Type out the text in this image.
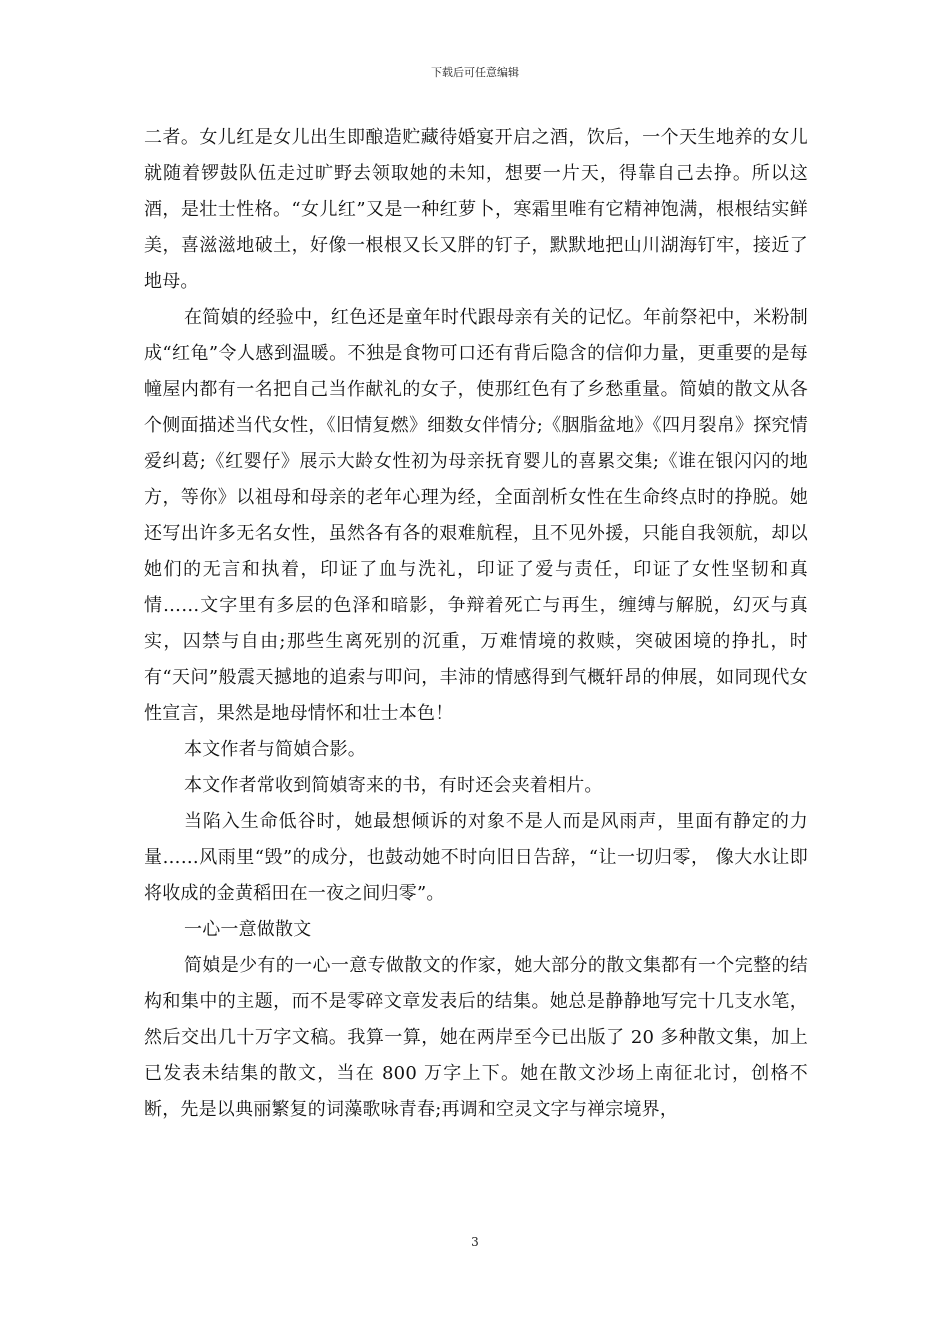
下载后可任意编辑

二者。女儿红是女儿出生即酿造贮藏待婚宴开启之酒，饮后，一个天生地养的女儿就随着锣鼓队伍走过旷野去领取她的未知，想要一片天，得靠自己去挣。所以这酒，是壮士性格。“女儿红”又是一种红萝卜，寒霜里唯有它精神饱满，根根结实鲜美，喜滋滋地破土，好像一根根又长又胖的钉子，默默地把山川湖海钉牢，接近了地母。

在简媜的经验中，红色还是童年时代跟母亲有关的记忆。年前祭祀中，米粉制成“红龟”令人感到温暖。不独是食物可口还有背后隐含的信仰力量，更重要的是每幢屋内都有一名把自己当作献礼的女子，使那红色有了乡愁重量。简媜的散文从各个侧面描述当代女性，《旧情复燃》细数女伴情分;《胭脂盆地》《四月裂帛》探究情爱纠葛;《红婴仔》展示大龄女性初为母亲抚育婴儿的喜累交集;《谁在银闪闪的地方，等你》以祖母和母亲的老年心理为经，全面剖析女性在生命终点时的挣脱。她还写出许多无名女性，虽然各有各的艰难航程，且不见外援，只能自我领航，却以她们的无言和执着，印证了血与洗礼，印证了爱与责任，印证了女性坚韧和真情……文字里有多层的色泽和暗影，争辩着死亡与再生，缠缚与解脱，幻灭与真实，囚禁与自由;那些生离死别的沉重，万难情境的救赎，突破困境的挣扎，时有“天问”般震天撼地的追索与叩问，丰沛的情感得到气概轩昂的伸展，如同现代女性宣言，果然是地母情怀和壮士本色！

本文作者与简媜合影。

本文作者常收到简媜寄来的书，有时还会夹着相片。

当陷入生命低谷时，她最想倾诉的对象不是人而是风雨声，里面有静定的力量……风雨里“毁”的成分，也鼓动她不时向旧日告辞，“让一切归零， 像大水让即将收成的金黄稻田在一夜之间归零”。

一心一意做散文

简媜是少有的一心一意专做散文的作家，她大部分的散文集都有一个完整的结构和集中的主题，而不是零碎文章发表后的结集。她总是静静地写完十几支水笔，然后交出几十万字文稿。我算一算，她在两岸至今已出版了 20 多种散文集，加上已发表未结集的散文，当在 800 万字上下。她在散文沙场上南征北讨，创格不断，先是以典丽繁复的词藻歌咏青春;再调和空灵文字与禅宗境界，

3
